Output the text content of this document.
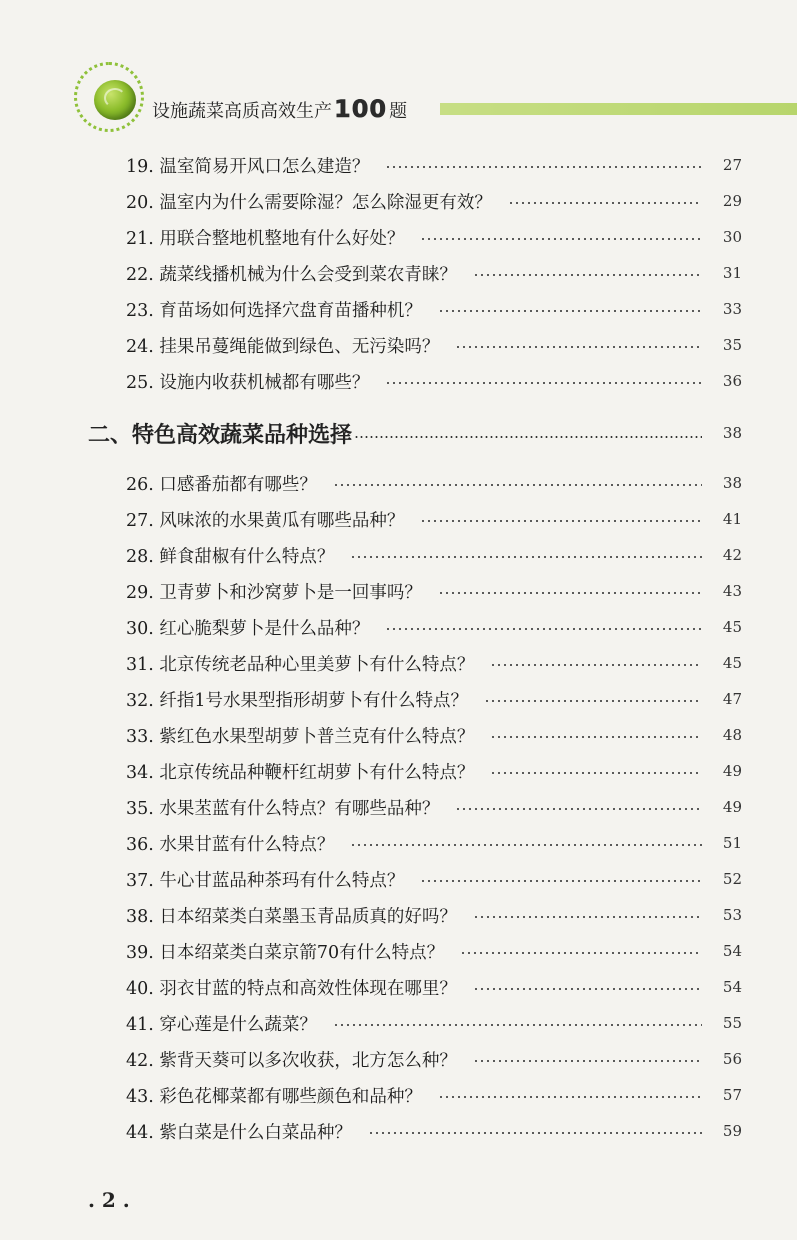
设施蔬菜高质高效生产 100 题
19. 温室简易开风口怎么建造？	27
20. 温室内为什么需要除湿？怎么除湿更有效？	29
21. 用联合整地机整地有什么好处？	30
22. 蔬菜线播机械为什么会受到菜农青睐？	31
23. 育苗场如何选择穴盘育苗播种机？	33
24. 挂果吊蔓绳能做到绿色、无污染吗？	35
25. 设施内收获机械都有哪些？	36
二、特色高效蔬菜品种选择	38
26. 口感番茄都有哪些？	38
27. 风味浓的水果黄瓜有哪些品种？	41
28. 鲜食甜椒有什么特点？	42
29. 卫青萝卜和沙窝萝卜是一回事吗？	43
30. 红心脆梨萝卜是什么品种？	45
31. 北京传统老品种心里美萝卜有什么特点？	45
32. 纤指1号水果型指形胡萝卜有什么特点？	47
33. 紫红色水果型胡萝卜普兰克有什么特点？	48
34. 北京传统品种鞭杆红胡萝卜有什么特点？	49
35. 水果苤蓝有什么特点？有哪些品种？	49
36. 水果甘蓝有什么特点？	51
37. 牛心甘蓝品种茶玛有什么特点？	52
38. 日本绍菜类白菜墨玉青品质真的好吗？	53
39. 日本绍菜类白菜京箭70有什么特点？	54
40. 羽衣甘蓝的特点和高效性体现在哪里？	54
41. 穿心莲是什么蔬菜？	55
42. 紫背天葵可以多次收获，北方怎么种？	56
43. 彩色花椰菜都有哪些颜色和品种？	57
44. 紫白菜是什么白菜品种？	59
. 2 .
